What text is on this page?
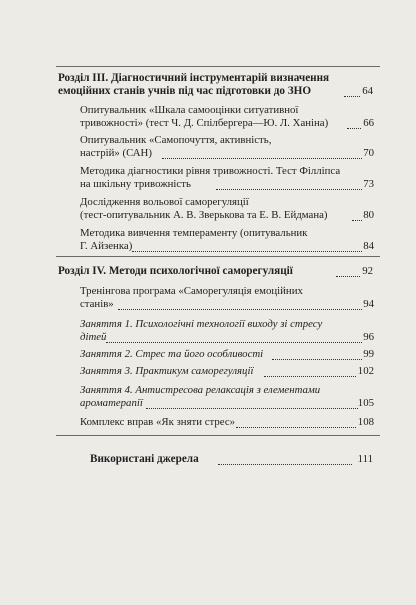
Розділ ІІІ. Діагностичний інструментарій визначення
емоційних станів учнів під час підготовки до ЗНО	64
Опитувальник «Шкала самооцінки ситуативної
тривожності» (тест Ч. Д. Спілбергера—Ю. Л. Ханіна)	66
Опитувальник «Самопочуття, активність,
настрій» (САН)	70
Методика діагностики рівня тривожності. Тест Філліпса
на шкільну тривожність	73
Дослідження вольової саморегуляції
(тест-опитувальник А. В. Зверькова та Е. В. Ейдмана)	80
Методика вивчення темпераменту (опитувальник
Г. Айзенка)	84
Розділ IV. Методи психологічної саморегуляції	92
Тренінгова програма «Саморегуляція емоційних
станів»	94
Заняття 1. Психологічні технології виходу зі стресу
дітей	96
Заняття 2. Стрес та його особливості	99
Заняття 3. Практикум саморегуляції	102
Заняття 4. Антистресова релаксація з елементами
ароматерапії	105
Комплекс вправ «Як зняти стрес»	108
Використані джерела	111
